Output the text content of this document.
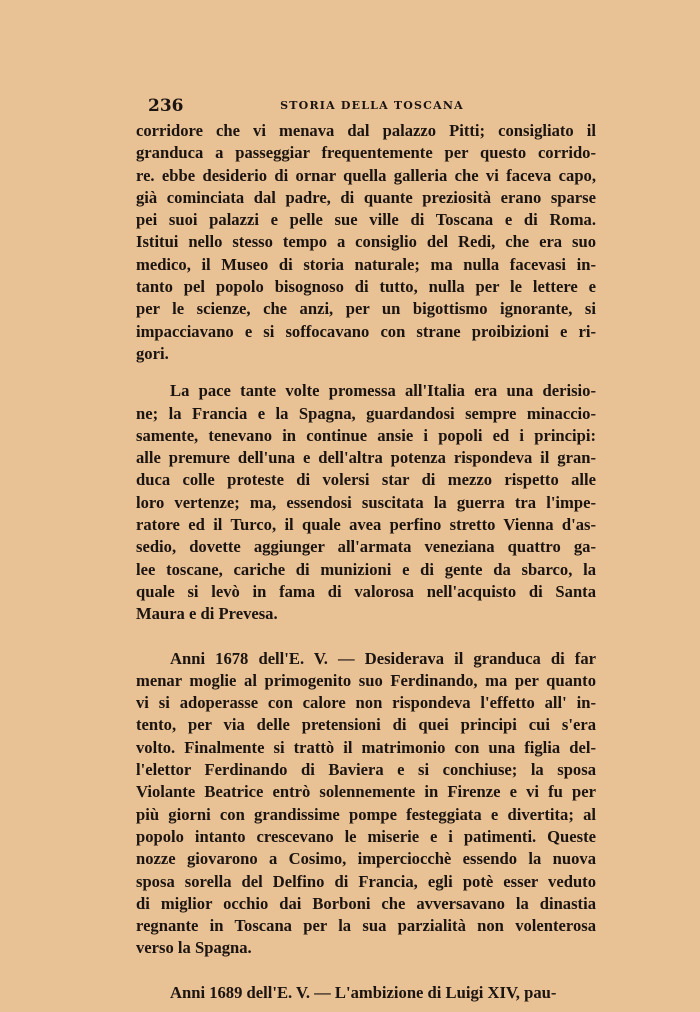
236	STORIA DELLA TOSCANA
corridore che vi menava dal palazzo Pitti; consigliato il
granduca a passeggiar frequentemente per questo corrido-
re. ebbe desiderio di ornar quella galleria che vi faceva capo,
già cominciata dal padre, di quante preziosità erano sparse
pei suoi palazzi e pelle sue ville di Toscana e di Roma.
Istitui nello stesso tempo a consiglio del Redi, che era suo
medico, il Museo di storia naturale; ma nulla facevasi in-
tanto pel popolo bisognoso di tutto, nulla per le lettere e
per le scienze, che anzi, per un bigottismo ignorante, si
impacciavano e si soffocavano con strane proibizioni e ri-
gori.
La pace tante volte promessa all'Italia era una derisio-
ne; la Francia e la Spagna, guardandosi sempre minaccio-
samente, tenevano in continue ansie i popoli ed i principi:
alle premure dell'una e dell'altra potenza rispondeva il gran-
duca colle proteste di volersi star di mezzo rispetto alle
loro vertenze; ma, essendosi suscitata la guerra tra l'impe-
ratore ed il Turco, il quale avea perfino stretto Vienna d'as-
sedio, dovette aggiunger all'armata veneziana quattro ga-
lee toscane, cariche di munizioni e di gente da sbarco, la
quale si levò in fama di valorosa nell'acquisto di Santa
Maura e di Prevesa.
Anni 1678 dell'E. V. — Desiderava il granduca di far
menar moglie al primogenito suo Ferdinando, ma per quanto
vi si adoperasse con calore non rispondeva l'effetto all' in-
tento, per via delle pretensioni di quei principi cui s'era
volto. Finalmente si trattò il matrimonio con una figlia del-
l'elettor Ferdinando di Baviera e si conchiuse; la sposa
Violante Beatrice entrò solennemente in Firenze e vi fu per
più giorni con grandissime pompe festeggiata e divertita; al
popolo intanto crescevano le miserie e i patimenti. Queste
nozze giovarono a Cosimo, imperciocchè essendo la nuova
sposa sorella del Delfino di Francia, egli potè esser veduto
di miglior occhio dai Borboni che avversavano la dinastia
regnante in Toscana per la sua parzialità non volenterosa
verso la Spagna.
Anni 1689 dell'E. V. — L'ambizione di Luigi XIV, pau-
